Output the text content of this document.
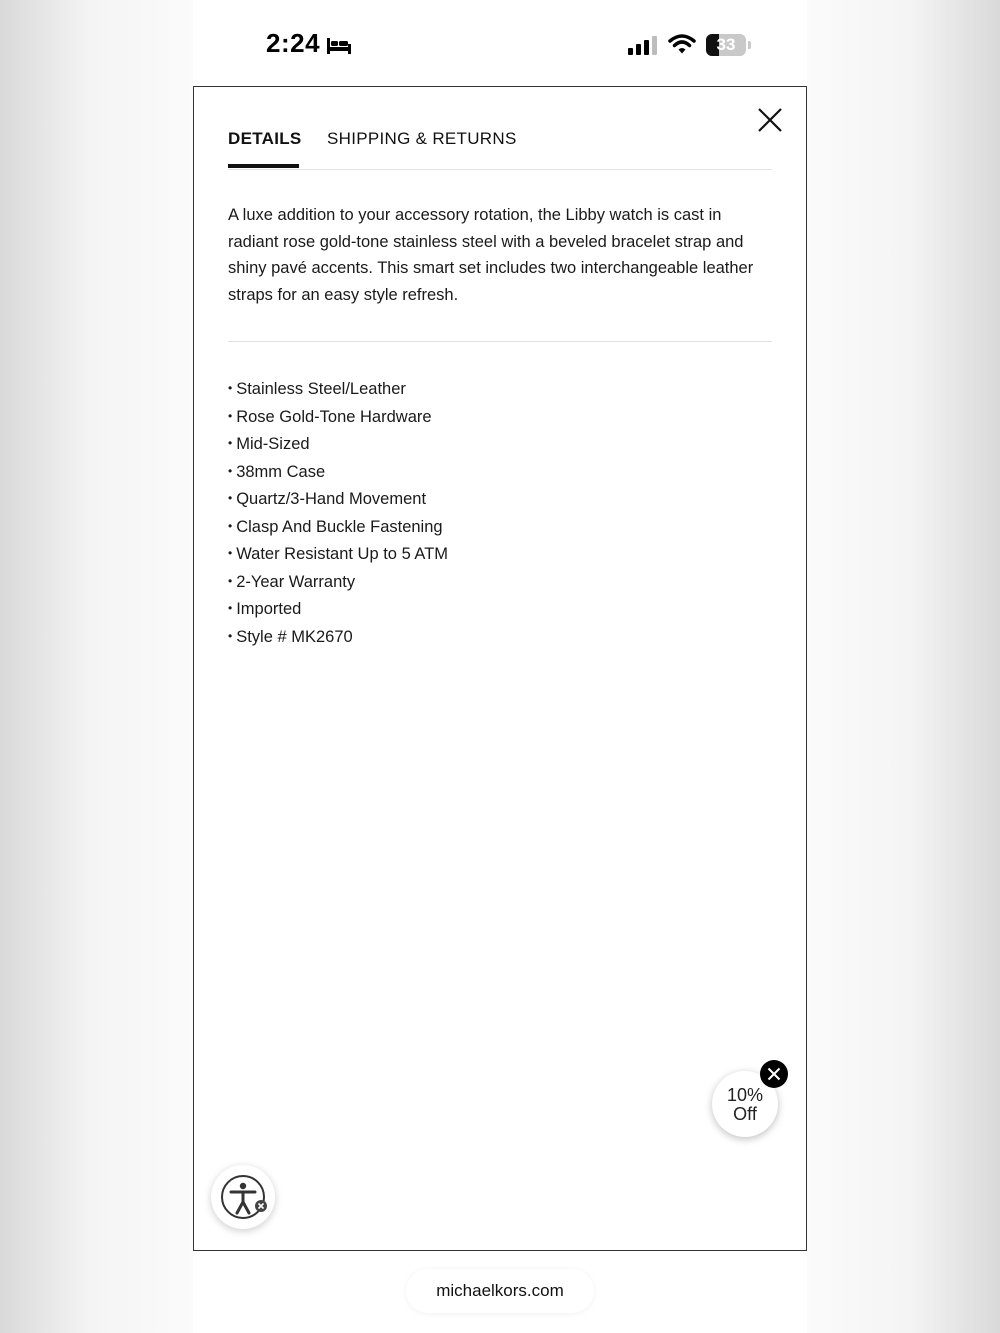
2:24	33
DETAILS SHIPPING & RETURNS

A luxe addition to your accessory rotation, the Libby watch is cast in radiant rose gold-tone stainless steel with a beveled bracelet strap and shiny pavé accents. This smart set includes two interchangeable leather straps for an easy style refresh.

• Stainless Steel/Leather
• Rose Gold-Tone Hardware
• Mid-Sized
• 38mm Case
• Quartz/3-Hand Movement
• Clasp And Buckle Fastening
• Water Resistant Up to 5 ATM
• 2-Year Warranty
• Imported
• Style # MK2670
10%
Off
michaelkors.com
